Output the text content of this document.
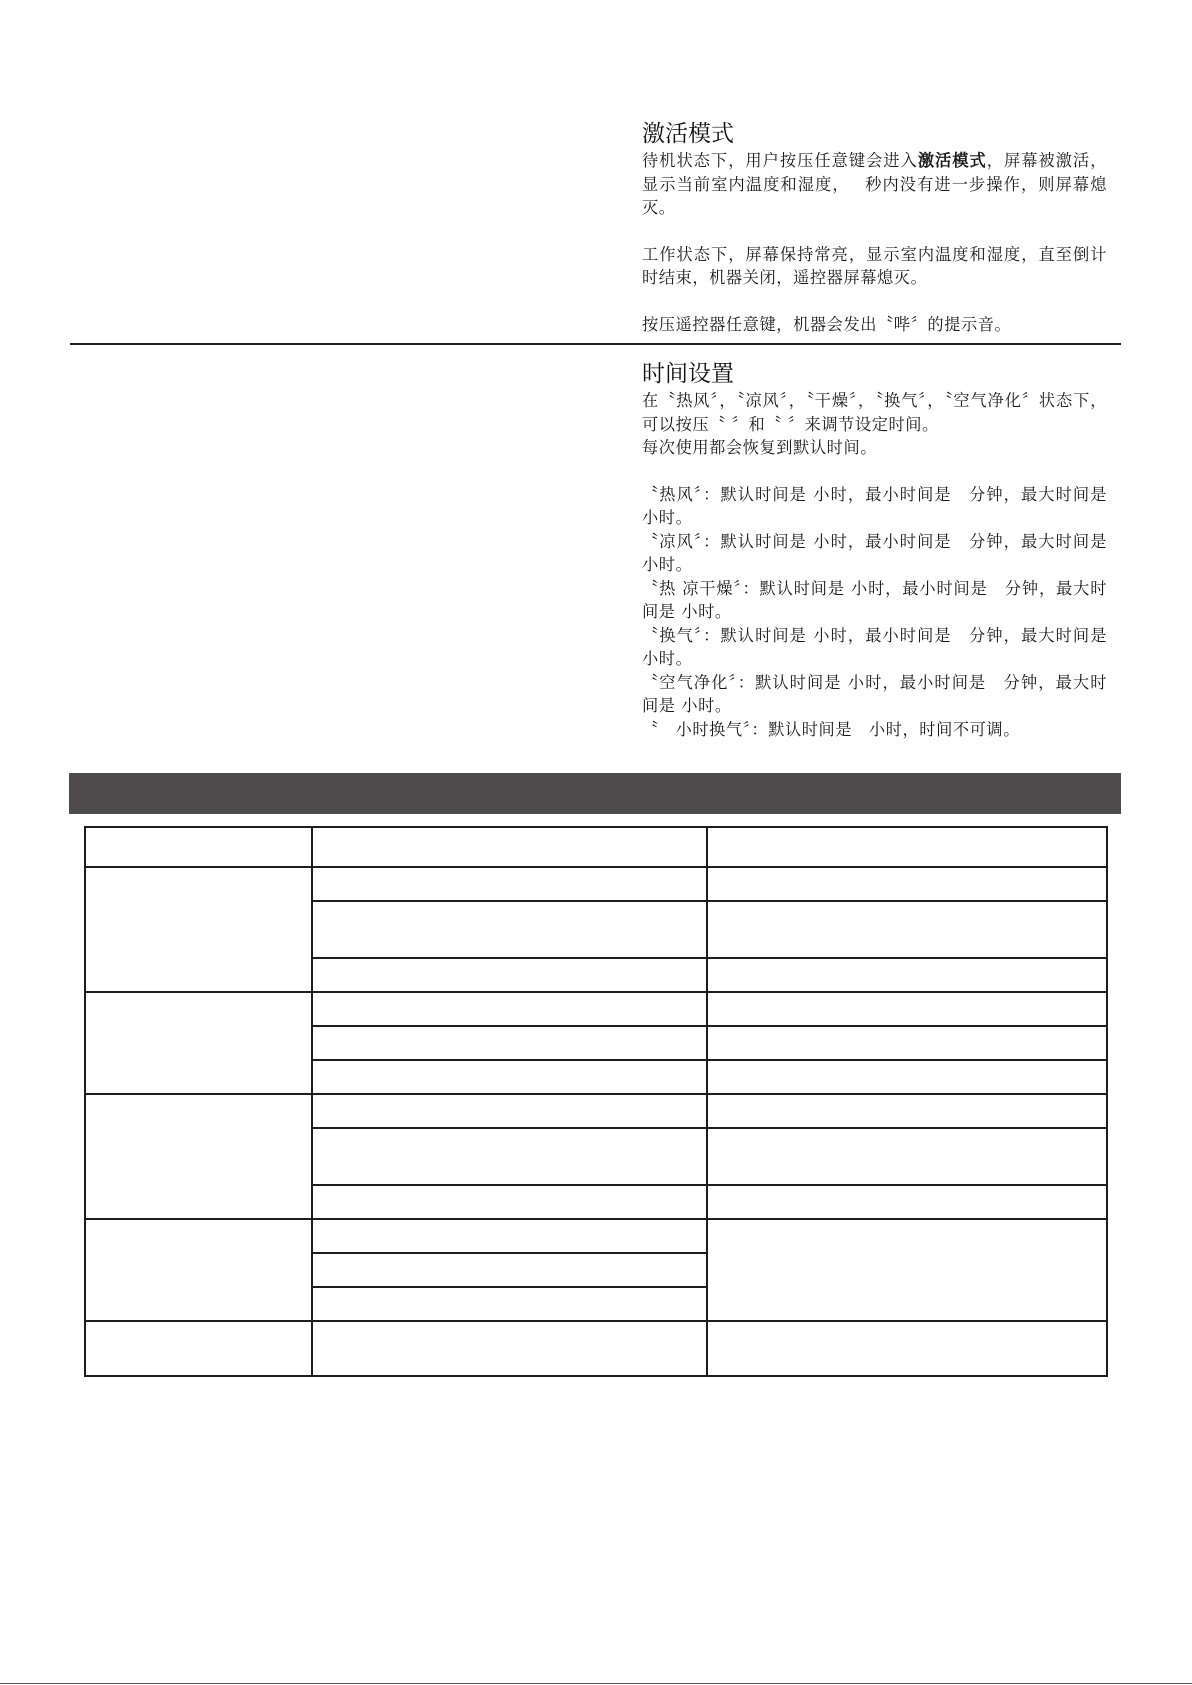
激活模式

待机状态下，用户按压任意键会进入激活模式，屏幕被激活，显示当前室内温度和湿度，　 秒内没有进一步操作，则屏幕熄灭。

工作状态下，屏幕保持常亮，显示室内温度和湿度，直至倒计时结束，机器关闭，遥控器屏幕熄灭。

按压遥控器任意键，机器会发出〝哔〞的提示音。

时间设置

在〝热风〞，〝凉风〞，〝干燥〞，〝换气〞，〝空气净化〞状态下，可以按压〝 〞和〝 〞来调节设定时间。

每次使用都会恢复到默认时间。

〝热风〞：默认时间是 小时，最小时间是　分钟，最大时间是 小时。

〝凉风〞：默认时间是 小时，最小时间是　分钟，最大时间是 小时。

〝热 凉干燥〞：默认时间是 小时，最小时间是　分钟，最大时间是 小时。

〝换气〞：默认时间是 小时，最小时间是　分钟，最大时间是 小时。

〝空气净化〞：默认时间是 小时，最小时间是　分钟，最大时间是 小时。

〝　小时换气〞：默认时间是　小时，时间不可调。
